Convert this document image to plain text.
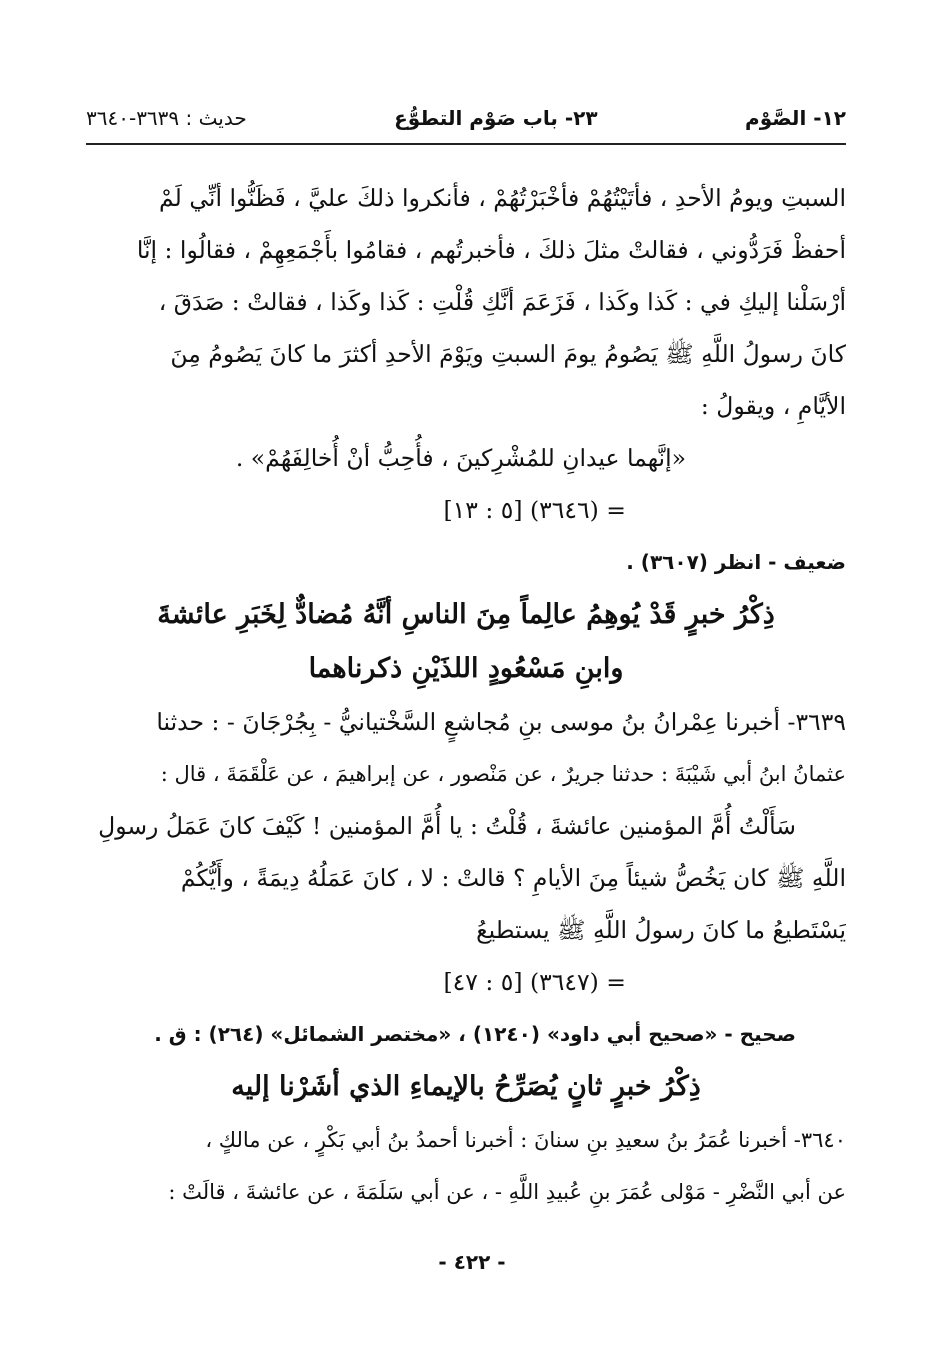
١٢- الصَّوْم
٢٣- باب صَوْم التطوُّع
حديث : ٣٦٣٩-٣٦٤٠

السبتِ ويومُ الأحدِ ، فأتَيْتُهُمْ فأخْبَرْتُهُمْ ، فأنكروا ذلكَ عليَّ ، فَظَنُّوا أنِّي لَمْ

أحفظْ فَرَدُّوني ، فقالتْ مثلَ ذلكَ ، فأخبرتُهم ، فقامُوا بأَجْمَعِهِمْ ، فقالُوا : إنَّا

أرْسَلْنا إليكِ في : كَذا وكَذا ، فَزَعَمَ أنَّكِ قُلْتِ : كَذا وكَذا ، فقالتْ : صَدَقَ ،

كانَ رسولُ اللَّهِ ﷺ يَصُومُ يومَ السبتِ ويَوْمَ الأحدِ أكثرَ ما كانَ يَصُومُ مِنَ

الأيَّامِ ، ويقولُ :

«إنَّهما عيدانِ للمُشْرِكينَ ، فأُحِبُّ أنْ أُخالِفَهُمْ» .

= (٣٦٤٦) [٥ : ١٣]

ضعيف - انظر (٣٦٠٧) .

ذِكْرُ خبرٍ قَدْ يُوهِمُ عالِماً مِنَ الناسِ أنَّهُ مُضادٌّ لِخَبَرِ عائشةَ

وابنِ مَسْعُودٍ اللذَيْنِ ذكرناهما

٣٦٣٩- أخبرنا عِمْرانُ بنُ موسى بنِ مُجاشعٍ السَّخْتيانيُّ - بِجُرْجَانَ - : حدثنا

عثمانُ ابنُ أبي شَيْبَةَ : حدثنا جريرٌ ، عن مَنْصور ، عن إبراهيمَ ، عن عَلْقَمَةَ ، قال :

سَأَلْتُ أُمَّ المؤمنين عائشةَ ، قُلْتُ : يا أُمَّ المؤمنين ! كَيْفَ كانَ عَمَلُ رسولِ

اللَّهِ ﷺ كان يَخُصُّ شيئاً مِنَ الأيامِ ؟ قالتْ : لا ، كانَ عَمَلُهُ دِيمَةً ، وأَيُّكُمْ

يَسْتَطيعُ ما كانَ رسولُ اللَّهِ ﷺ يستطيعُ

= (٣٦٤٧) [٥ : ٤٧]

صحيح - «صحيح أبي داود» (١٢٤٠) ، «مختصر الشمائل» (٢٦٤) : ق .

ذِكْرُ خبرٍ ثانٍ يُصَرِّحُ بالإيماءِ الذي أشَرْنا إليه

٣٦٤٠- أخبرنا عُمَرُ بنُ سعيدِ بنِ سنانَ : أخبرنا أحمدُ بنُ أبي بَكْرٍ ، عن مالكٍ ،

عن أبي النَّضْرِ - مَوْلى عُمَرَ بنِ عُبيدِ اللَّهِ - ، عن أبي سَلَمَةَ ، عن عائشةَ ، قالَتْ :

- ٤٢٢ -
